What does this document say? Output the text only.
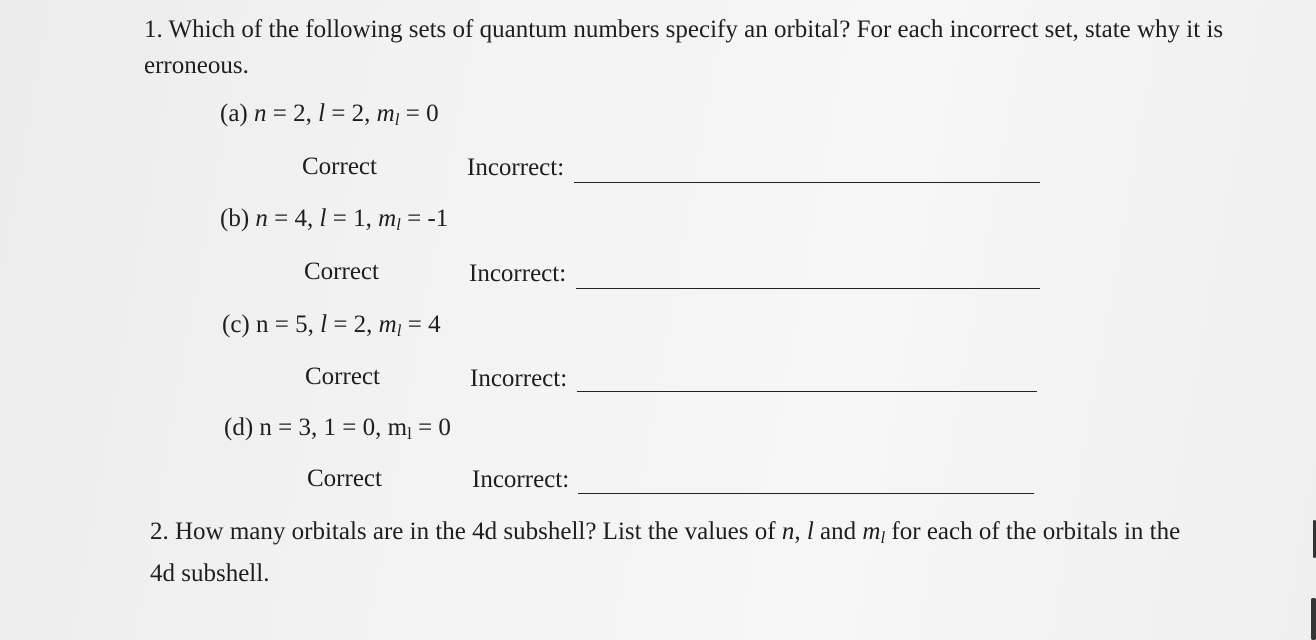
1. Which of the following sets of quantum numbers specify an orbital? For each incorrect set, state why it is erroneous.

(a) n = 2, l = 2, $m_l = 0$
Correct	Incorrect:
(b) n = 4, l = 1, $m_l = -1$
Correct	Incorrect:
(c) n = 5, l = 2, $m_l = 4$
Correct	Incorrect:
(d) n = 3, 1 = 0, ml = 0
Correct	Incorrect:

2. How many orbitals are in the 4d subshell? List the values of n, l and $m_l$ for each of the orbitals in the 4d subshell.
